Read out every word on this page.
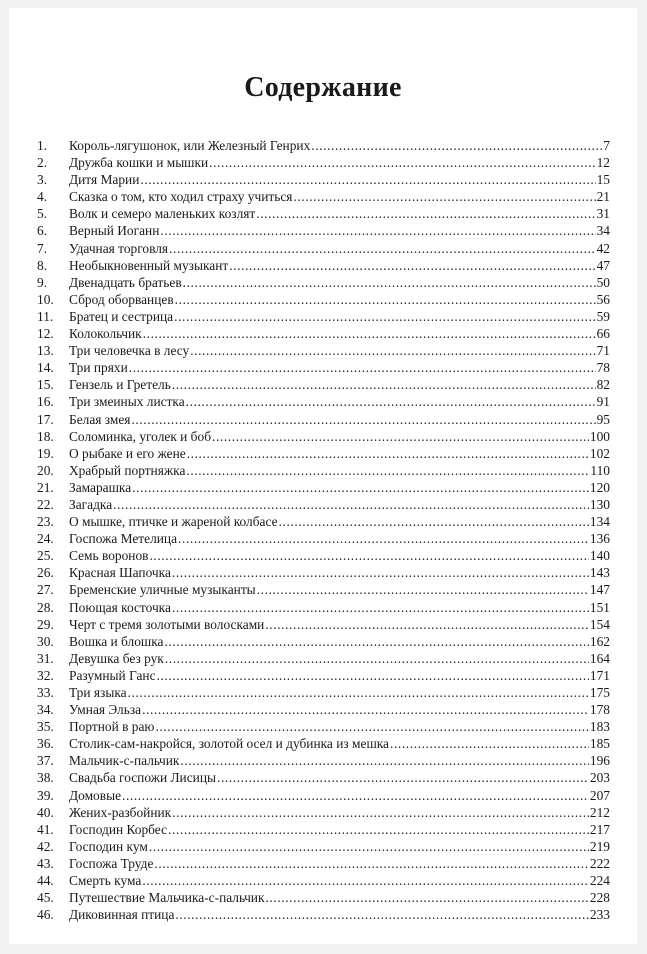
Содержание
1.	Король-лягушонок, или Железный Генрих .....	7
2.	Дружба кошки и мышки .....	12
3.	Дитя Марии .....	15
4.	Сказка о том, кто ходил страху учиться .....	21
5.	Волк и семеро маленьких козлят .....	31
6.	Верный Иоганн .....	34
7.	Удачная торговля .....	42
8.	Необыкновенный музыкант .....	47
9.	Двенадцать братьев .....	50
10.	Сброд оборванцев .....	56
11.	Братец и сестрица .....	59
12.	Колокольчик .....	66
13.	Три человечка в лесу .....	71
14.	Три пряхи .....	78
15.	Гензель и Гретель .....	82
16.	Три змеиных листка .....	91
17.	Белая змея .....	95
18.	Соломинка, уголек и боб .....	100
19.	О рыбаке и его жене .....	102
20.	Храбрый портняжка .....	110
21.	Замарашка .....	120
22.	Загадка .....	130
23.	О мышке, птичке и жареной колбасе .....	134
24.	Госпожа Метелица .....	136
25.	Семь воронов .....	140
26.	Красная Шапочка .....	143
27.	Бременские уличные музыканты .....	147
28.	Поющая косточка .....	151
29.	Черт с тремя золотыми волосками .....	154
30.	Вошка и блошка .....	162
31.	Девушка без рук .....	164
32.	Разумный Ганс .....	171
33.	Три языка .....	175
34.	Умная Эльза .....	178
35.	Портной в раю .....	183
36.	Столик-сам-накройся, золотой осел и дубинка из мешка .....	185
37.	Мальчик-с-пальчик .....	196
38.	Свадьба госпожи Лисицы .....	203
39.	Домовые .....	207
40.	Жених-разбойник .....	212
41.	Господин Корбес .....	217
42.	Господин кум .....	219
43.	Госпожа Труде .....	222
44.	Смерть кума .....	224
45.	Путешествие Мальчика-с-пальчик .....	228
46.	Диковинная птица .....	233
